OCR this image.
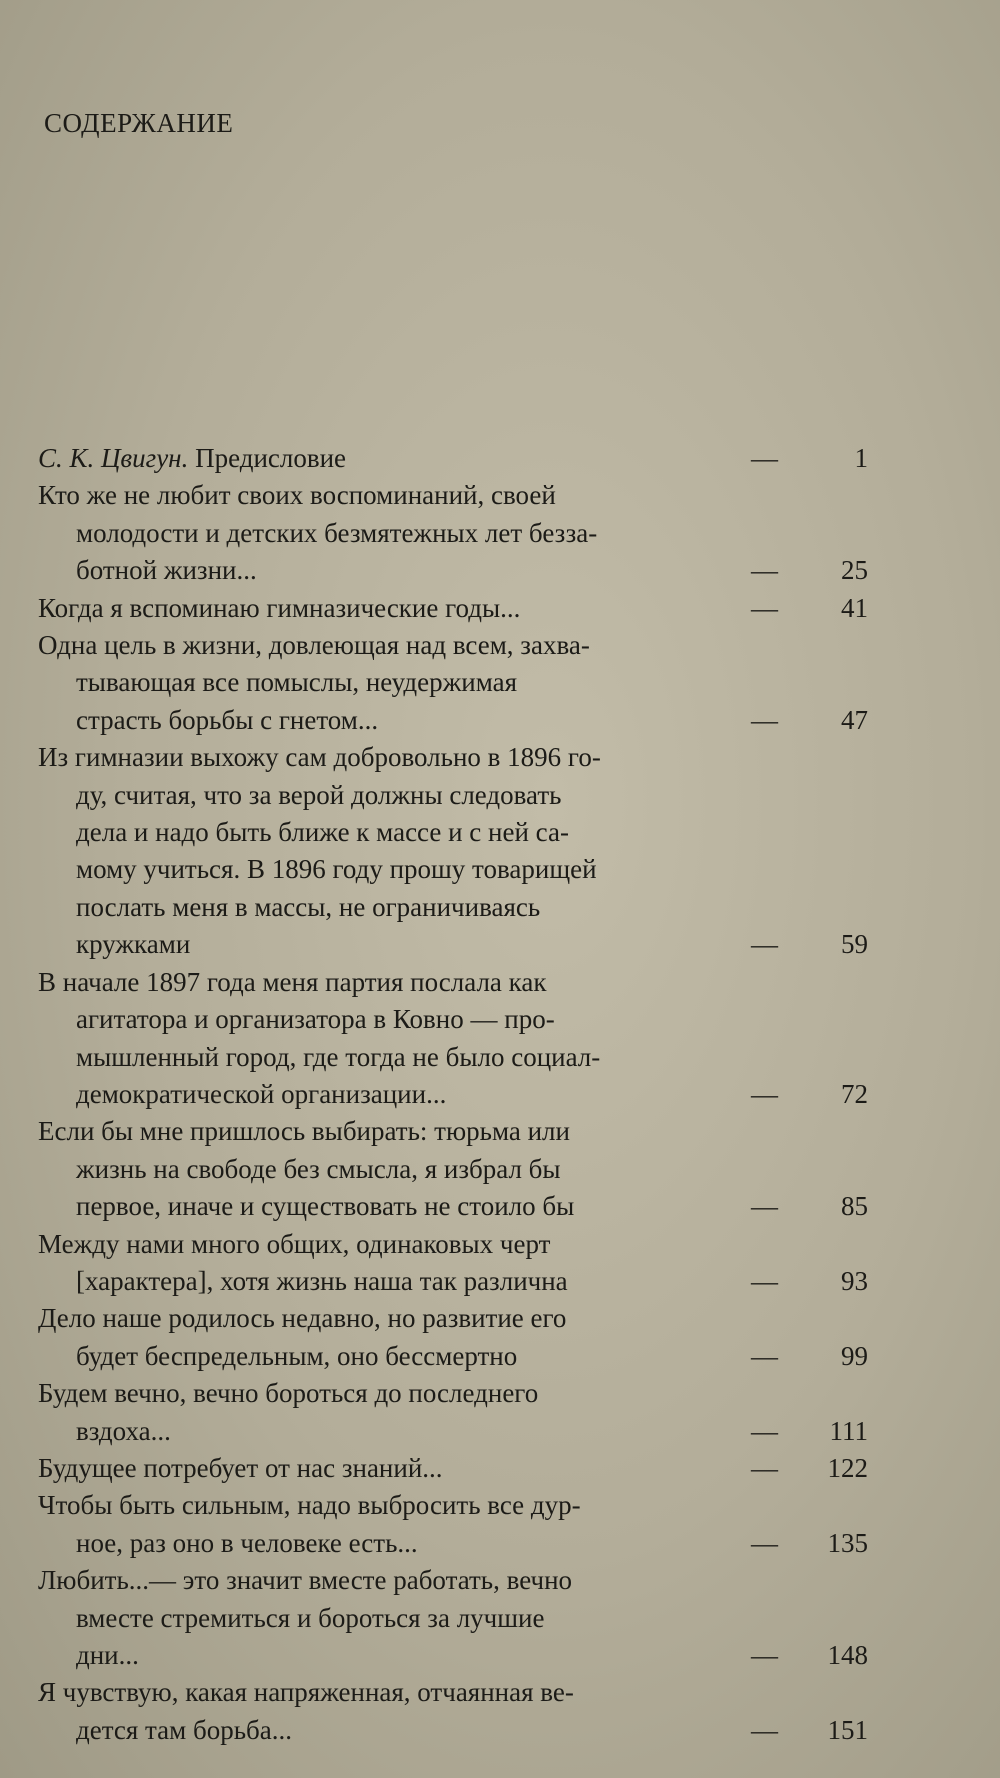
СОДЕРЖАНИЕ
С. К. Цвигун. Предисловие	—	1
Кто же не любит своих воспоминаний, своей
молодости и детских безмятежных лет безза-
ботной жизни...	—	25
Когда я вспоминаю гимназические годы...	—	41
Одна цель в жизни, довлеющая над всем, захва-
тывающая все помыслы, неудержимая
страсть борьбы с гнетом...	—	47
Из гимназии выхожу сам добровольно в 1896 го-
ду, считая, что за верой должны следовать
дела и надо быть ближе к массе и с ней са-
мому учиться. В 1896 году прошу товарищей
послать меня в массы, не ограничиваясь
кружками	—	59
В начале 1897 года меня партия послала как
агитатора и организатора в Ковно — про-
мышленный город, где тогда не было социал-
демократической организации...	—	72
Если бы мне пришлось выбирать: тюрьма или
жизнь на свободе без смысла, я избрал бы
первое, иначе и существовать не стоило бы	—	85
Между нами много общих, одинаковых черт
[характера], хотя жизнь наша так различна	—	93
Дело наше родилось недавно, но развитие его
будет беспредельным, оно бессмертно	—	99
Будем вечно, вечно бороться до последнего
вздоха...	—	111
Будущее потребует от нас знаний...	—	122
Чтобы быть сильным, надо выбросить все дур-
ное, раз оно в человеке есть...	—	135
Любить...— это значит вместе работать, вечно
вместе стремиться и бороться за лучшие
дни...	—	148
Я чувствую, какая напряженная, отчаянная ве-
дется там борьба...	—	151
